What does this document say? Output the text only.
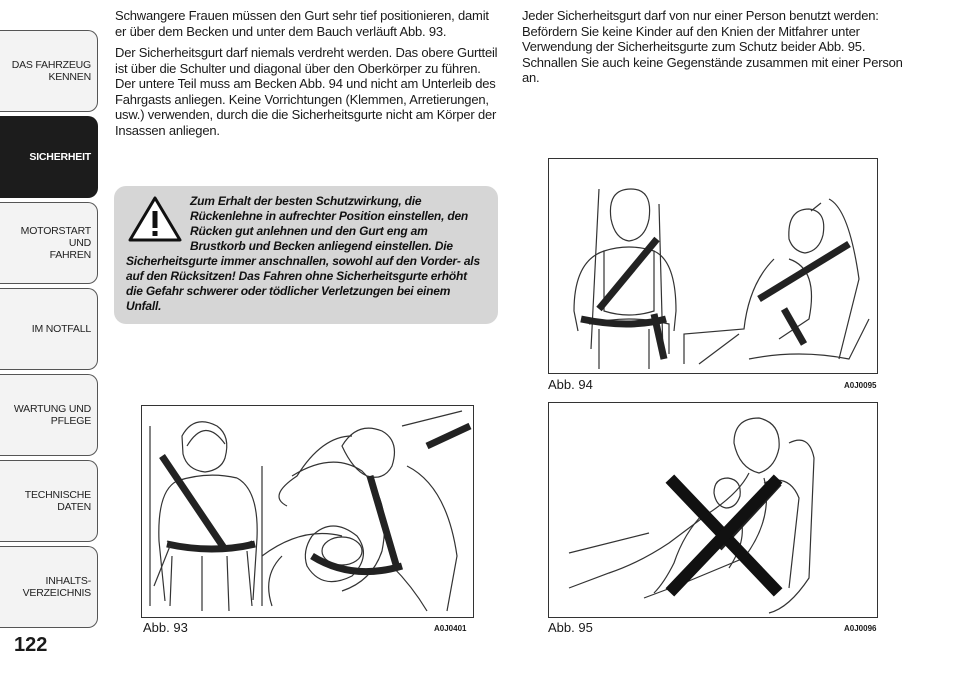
DAS FAHRZEUG
KENNEN
SICHERHEIT
MOTORSTART UND
FAHREN
IM NOTFALL
WARTUNG UND
PFLEGE
TECHNISCHE DATEN
INHALTS-
VERZEICHNIS
122

Schwangere Frauen müssen den Gurt sehr tief positionieren, damit er über dem Becken und unter dem Bauch verläuft Abb. 93.

Der Sicherheitsgurt darf niemals verdreht werden. Das obere Gurtteil ist über die Schulter und diagonal über den Oberkörper zu führen. Der untere Teil muss am Becken Abb. 94 und nicht am Unterleib des Fahrgasts anliegen. Keine Vorrichtungen (Klemmen, Arretierungen, usw.) verwenden, durch die die Sicherheitsgurte nicht am Körper der Insassen anliegen.

Zum Erhalt der besten Schutzwirkung, die Rückenlehne in aufrechter Position einstellen, den Rücken gut anlehnen und den Gurt eng am Brustkorb und Becken anliegend einstellen. Die Sicherheitsgurte immer anschnallen, sowohl auf den Vorder- als auf den Rücksitzen! Das Fahren ohne Sicherheitsgurte erhöht die Gefahr schwerer oder tödlicher Verletzungen bei einem Unfall.

Jeder Sicherheitsgurt darf von nur einer Person benutzt werden: Befördern Sie keine Kinder auf den Knien der Mitfahrer unter Verwendung der Sicherheitsgurte zum Schutz beider Abb. 95. Schnallen Sie auch keine Gegenstände zusammen mit einer Person an.

Abb. 93	A0J0401
Abb. 94	A0J0095
Abb. 95	A0J0096
